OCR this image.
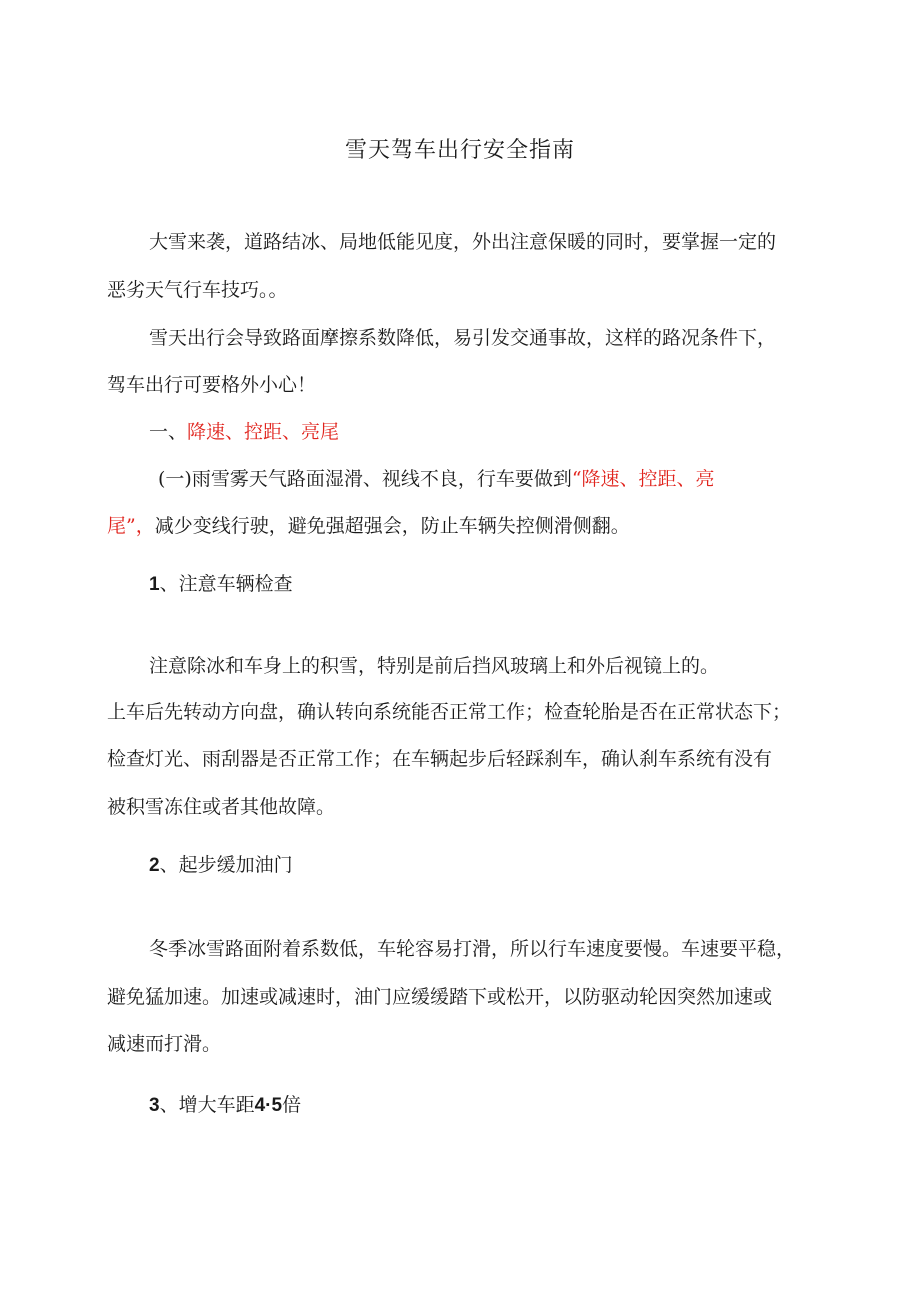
雪天驾车出行安全指南
大雪来袭，道路结冰、局地低能见度，外出注意保暖的同时，要掌握一定的
恶劣天气行车技巧。。
雪天出行会导致路面摩擦系数降低，易引发交通事故，这样的路况条件下，
驾车出行可要格外小心！
一、降速、控距、亮尾
(一)雨雪雾天气路面湿滑、视线不良，行车要做到“降速、控距、亮
尾”，减少变线行驶，避免强超强会，防止车辆失控侧滑侧翻。
1、注意车辆检查
注意除冰和车身上的积雪，特别是前后挡风玻璃上和外后视镜上的。
上车后先转动方向盘，确认转向系统能否正常工作；检查轮胎是否在正常状态下；
检查灯光、雨刮器是否正常工作；在车辆起步后轻踩刹车，确认刹车系统有没有
被积雪冻住或者其他故障。
2、起步缓加油门
冬季冰雪路面附着系数低，车轮容易打滑，所以行车速度要慢。车速要平稳，
避免猛加速。加速或减速时，油门应缓缓踏下或松开，以防驱动轮因突然加速或
减速而打滑。
3、增大车距4·5倍
